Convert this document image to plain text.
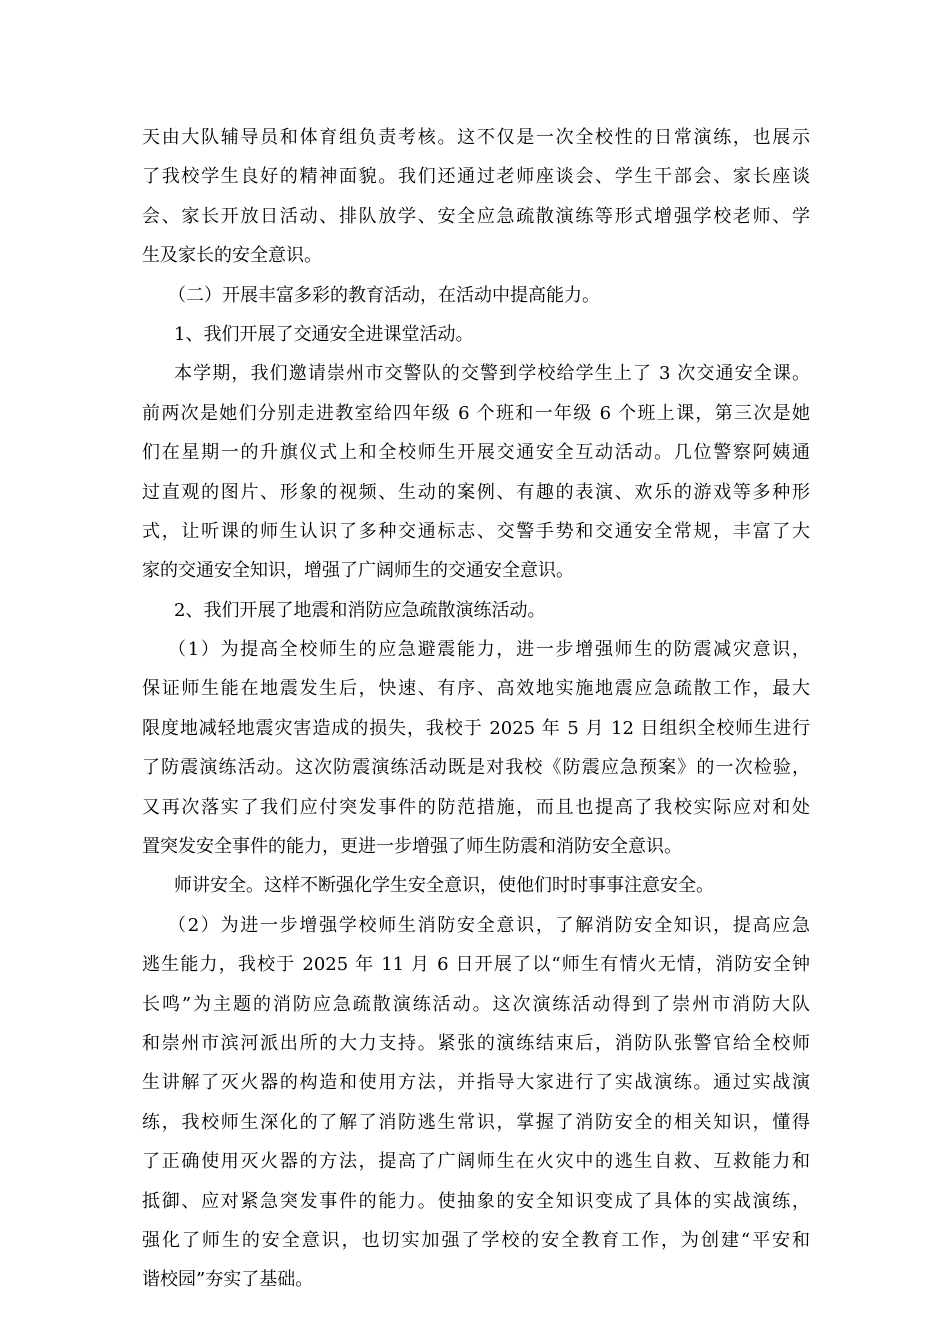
天由大队辅导员和体育组负责考核。这不仅是一次全校性的日常演练，也展示
了我校学生良好的精神面貌。我们还通过老师座谈会、学生干部会、家长座谈
会、家长开放日活动、排队放学、安全应急疏散演练等形式增强学校老师、学
生及家长的安全意识。
（二）开展丰富多彩的教育活动，在活动中提高能力。
1、我们开展了交通安全进课堂活动。
本学期，我们邀请崇州市交警队的交警到学校给学生上了 3 次交通安全课。
前两次是她们分别走进教室给四年级 6 个班和一年级 6 个班上课，第三次是她
们在星期一的升旗仪式上和全校师生开展交通安全互动活动。几位警察阿姨通
过直观的图片、形象的视频、生动的案例、有趣的表演、欢乐的游戏等多种形
式，让听课的师生认识了多种交通标志、交警手势和交通安全常规，丰富了大
家的交通安全知识，增强了广阔师生的交通安全意识。
2、我们开展了地震和消防应急疏散演练活动。
（1）为提高全校师生的应急避震能力，进一步增强师生的防震减灾意识，
保证师生能在地震发生后，快速、有序、高效地实施地震应急疏散工作，最大
限度地减轻地震灾害造成的损失，我校于 2025 年 5 月 12 日组织全校师生进行
了防震演练活动。这次防震演练活动既是对我校《防震应急预案》的一次检验，
又再次落实了我们应付突发事件的防范措施，而且也提高了我校实际应对和处
置突发安全事件的能力，更进一步增强了师生防震和消防安全意识。
师讲安全。这样不断强化学生安全意识，使他们时时事事注意安全。
（2）为进一步增强学校师生消防安全意识，了解消防安全知识，提高应急
逃生能力，我校于 2025 年 11 月 6 日开展了以“师生有情火无情，消防安全钟
长鸣”为主题的消防应急疏散演练活动。这次演练活动得到了崇州市消防大队
和崇州市滨河派出所的大力支持。紧张的演练结束后，消防队张警官给全校师
生讲解了灭火器的构造和使用方法，并指导大家进行了实战演练。通过实战演
练，我校师生深化的了解了消防逃生常识，掌握了消防安全的相关知识，懂得
了正确使用灭火器的方法，提高了广阔师生在火灾中的逃生自救、互救能力和
抵御、应对紧急突发事件的能力。使抽象的安全知识变成了具体的实战演练，
强化了师生的安全意识，也切实加强了学校的安全教育工作，为创建“平安和
谐校园”夯实了基础。
